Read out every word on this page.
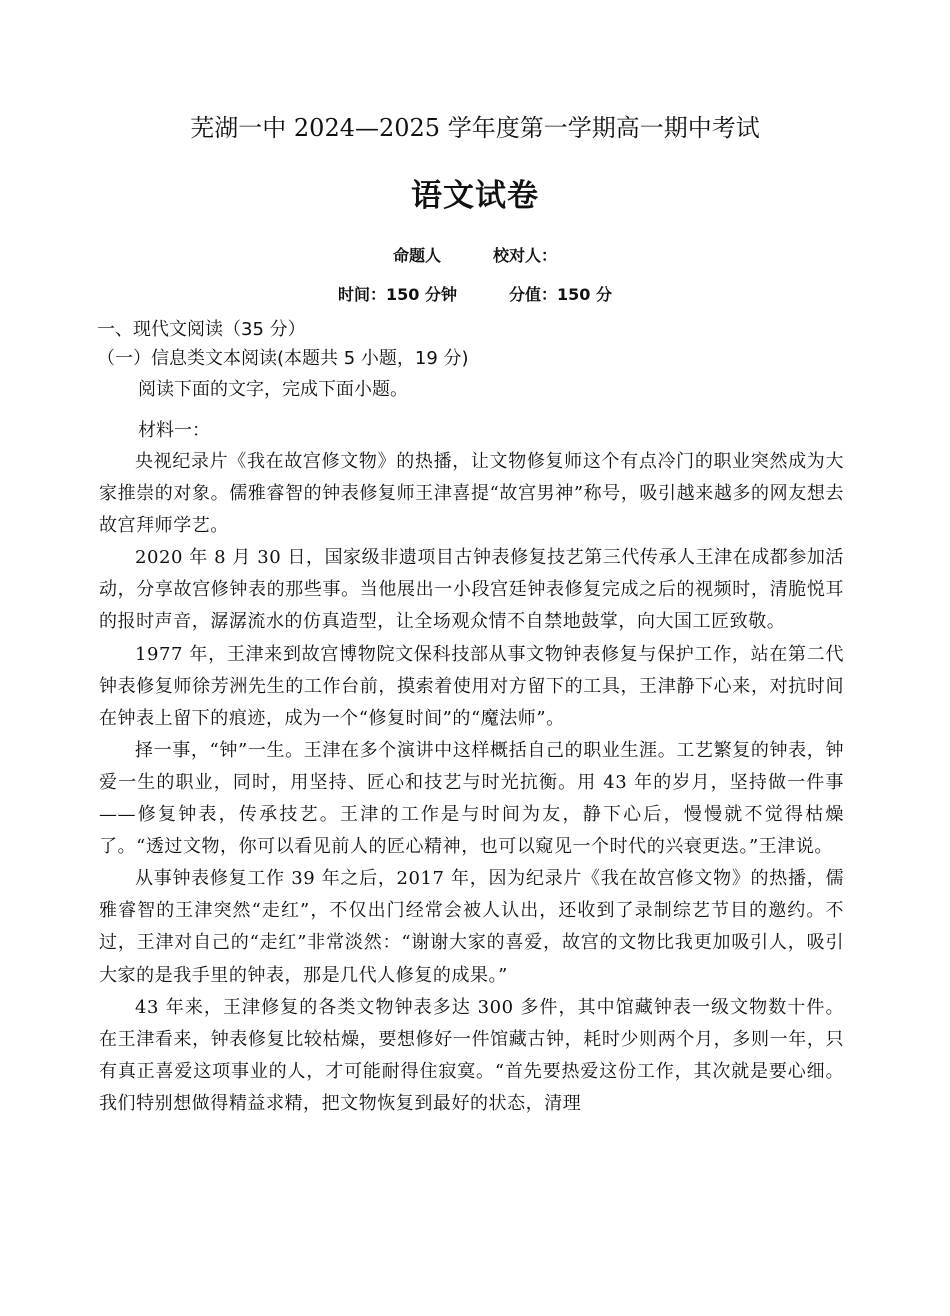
芜湖一中 2024—2025 学年度第一学期高一期中考试
语文试卷
命题人	校对人：
时间：150 分钟	分值：150 分
一、现代文阅读（35 分）
（一）信息类文本阅读(本题共 5 小题，19 分)
阅读下面的文字，完成下面小题。
材料一：

央视纪录片《我在故宫修文物》的热播，让文物修复师这个有点冷门的职业突然成为大家推崇的对象。儒雅睿智的钟表修复师王津喜提“故宫男神”称号，吸引越来越多的网友想去故宫拜师学艺。

2020 年 8 月 30 日，国家级非遗项目古钟表修复技艺第三代传承人王津在成都参加活动，分享故宫修钟表的那些事。当他展出一小段宫廷钟表修复完成之后的视频时，清脆悦耳的报时声音，潺潺流水的仿真造型，让全场观众情不自禁地鼓掌，向大国工匠致敬。

1977 年，王津来到故宫博物院文保科技部从事文物钟表修复与保护工作，站在第二代钟表修复师徐芳洲先生的工作台前，摸索着使用对方留下的工具，王津静下心来，对抗时间在钟表上留下的痕迹，成为一个“修复时间”的“魔法师”。

择一事，“钟”一生。王津在多个演讲中这样概括自己的职业生涯。工艺繁复的钟表，钟爱一生的职业，同时，用坚持、匠心和技艺与时光抗衡。用 43 年的岁月，坚持做一件事——修复钟表，传承技艺。王津的工作是与时间为友，静下心后，慢慢就不觉得枯燥了。“透过文物，你可以看见前人的匠心精神，也可以窥见一个时代的兴衰更迭。”王津说。

从事钟表修复工作 39 年之后，2017 年，因为纪录片《我在故宫修文物》的热播，儒雅睿智的王津突然“走红”，不仅出门经常会被人认出，还收到了录制综艺节目的邀约。不过，王津对自己的“走红”非常淡然：“谢谢大家的喜爱，故宫的文物比我更加吸引人，吸引大家的是我手里的钟表，那是几代人修复的成果。”

43 年来，王津修复的各类文物钟表多达 300 多件，其中馆藏钟表一级文物数十件。在王津看来，钟表修复比较枯燥，要想修好一件馆藏古钟，耗时少则两个月，多则一年，只有真正喜爱这项事业的人，才可能耐得住寂寞。“首先要热爱这份工作，其次就是要心细。我们特别想做得精益求精，把文物恢复到最好的状态，清理
